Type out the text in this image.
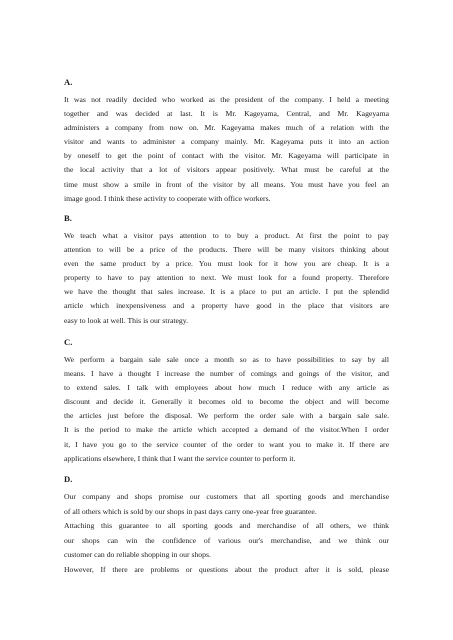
A.
It was not readily decided who worked as the president of the company. I held a meeting
together and was decided at last. It is Mr. Kageyama, Central, and Mr. Kageyama
administers a company from now on. Mr. Kageyama makes much of a relation with the
visitor and wants to administer a company mainly. Mr. Kageyama puts it into an action
by oneself to get the point of contact with the visitor. Mr. Kageyama will participate in
the local activity that a lot of visitors appear positively. What must be careful at the
time must show a smile in front of the visitor by all means. You must have you feel an
image good. I think these activity to cooperate with office workers.
B.
We teach what a visitor pays attention to to buy a product. At first the point to pay
attention to will be a price of the products. There will be many visitors thinking about
even the same product by a price. You must look for it how you are cheap. It is a
property to have to pay attention to next. We must look for a found property. Therefore
we have the thought that sales increase. It is a place to put an article. I put the splendid
article which inexpensiveness and a property have good in the place that visitors are
easy to look at well. This is our strategy.
C.
We perform a bargain sale sale once a month so as to have possibilities to say by all
means. I have a thought I increase the number of comings and goings of the visitor, and
to extend sales. I talk with employees about how much I reduce with any article as
discount and decide it. Generally it becomes old to become the object and will become
the articles just before the disposal. We perform the order sale with a bargain sale sale.
It is the period to make the article which accepted a demand of the visitor.When I order
it, I have you go to the service counter of the order to want you to make it. If there are
applications elsewhere, I think that I want the service counter to perform it.
D.
Our company and shops promise our customers that all sporting goods and merchandise
of all others which is sold by our shops in past days carry one-year free guarantee.
Attaching this guarantee to all sporting goods and merchandise of all others, we think
our shops can win the confidence of various our's merchandise, and we think our
customer can do reliable shopping in our shops.
However, If there are problems or questions about the product after it is sold, please
